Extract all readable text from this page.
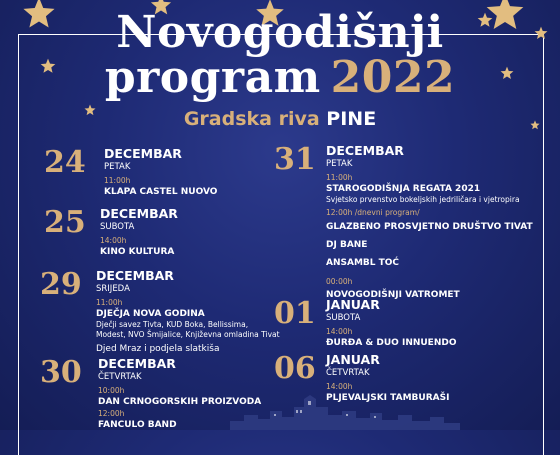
Novogodišnji
program 2022
Gradska riva PINE
24 DECEMBAR
PETAK
11:00h
KLAPA CASTEL NUOVO
25 DECEMBAR
SUBOTA
14:00h
KINO KULTURA
29 DECEMBAR
SRIJEDA
11:00h
DJEČJA NOVA GODINA
Dječji savez Tivta, KUD Boka, Bellissima,
Modest, NVO Šmijalice, Književna omladina Tivat
Djed Mraz i podjela slatkiša
30 DECEMBAR
ČETVRTAK
10:00h
DAN CRNOGORSKIH PROIZVODA
12:00h
FANCULO BAND
31 DECEMBAR
PETAK
11:00h
STAROGODIŠNJA REGATA 2021
Svjetsko prvenstvo bokeljskih jedriličara i vjetropira
12:00h /dnevni program/
GLAZBENO PROSVJETNO DRUŠTVO TIVAT
DJ BANE
ANSAMBL TOĆ
00:00h
NOVOGODIŠNJI VATROMET
01 JANUAR
SUBOTA
14:00h
ĐURĐA & DUO INNUENDO
06 JANUAR
ČETVRTAK
14:00h
PLJEVALJSKI TAMBURAŠI
